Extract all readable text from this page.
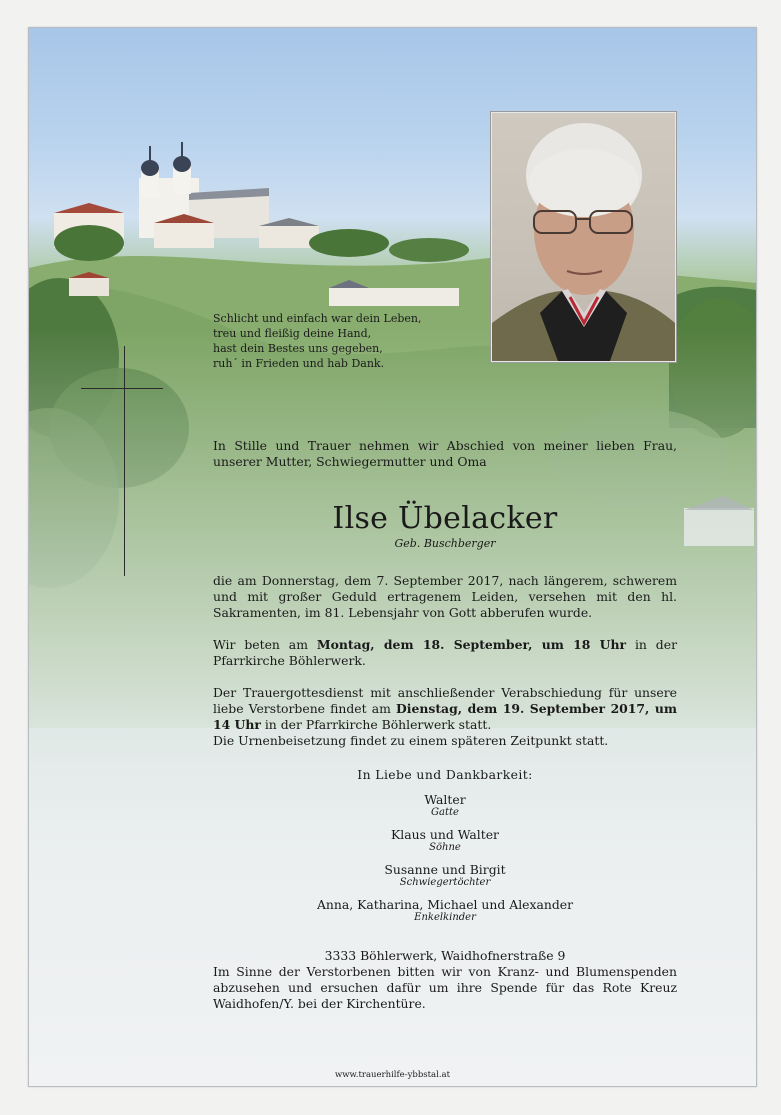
Schlicht und einfach war dein Leben,
treu und fleißig deine Hand,
hast dein Bestes uns gegeben,
ruh´ in Frieden und hab Dank.

In Stille und Trauer nehmen wir Abschied von meiner lieben Frau, unserer Mutter, Schwiegermutter und Oma

Ilse Übelacker
Geb. Buschberger

die am Donnerstag, dem 7. September 2017, nach längerem, schwerem und mit großer Geduld ertragenem Leiden, versehen mit den hl. Sakramenten, im 81. Lebensjahr von Gott abberufen wurde.

Wir beten am Montag, dem 18. September, um 18 Uhr in der Pfarrkirche Böhlerwerk.

Der Trauergottesdienst mit anschließender Verabschiedung für unsere liebe Verstorbene findet am Dienstag, dem 19. September 2017, um 14 Uhr in der Pfarrkirche Böhlerwerk statt.

Die Urnenbeisetzung findet zu einem späteren Zeitpunkt statt.

In Liebe und Dankbarkeit:
Walter
Gatte
Klaus und Walter
Söhne
Susanne und Birgit
Schwiegertöchter
Anna, Katharina, Michael und Alexander
Enkelkinder
3333 Böhlerwerk, Waidhofnerstraße 9

Im Sinne der Verstorbenen bitten wir von Kranz- und Blumenspenden abzusehen und ersuchen dafür um ihre Spende für das Rote Kreuz Waidhofen/Y. bei der Kirchentüre.

www.trauerhilfe-ybbstal.at
